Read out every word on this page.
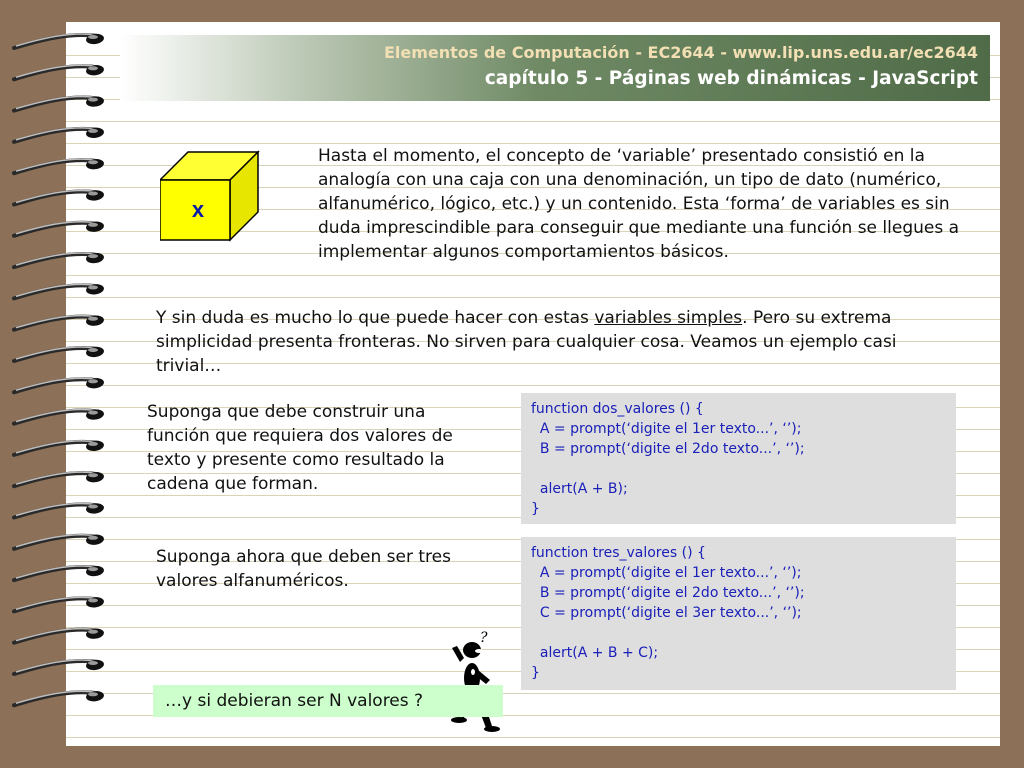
Elementos de Computación - EC2644 - www.lip.uns.edu.ar/ec2644
capítulo 5 - Páginas web dinámicas - JavaScript
x
Hasta el momento, el concepto de ‘variable’ presentado consistió en la analogía con una caja con una denominación, un tipo de dato (numérico, alfanumérico, lógico, etc.) y un contenido. Esta ‘forma’ de variables es sin duda imprescindible para conseguir que mediante una función se llegues a implementar algunos comportamientos básicos.
Y sin duda es mucho lo que puede hacer con estas variables simples. Pero su extrema simplicidad presenta fronteras. No sirven para cualquier cosa. Veamos un ejemplo casi trivial…
Suponga que debe construir una función que requiera dos valores de texto y presente como resultado la cadena que forman.
function dos_valores () {
A = prompt(‘digite el 1er texto...’, ‘’);
B = prompt(‘digite el 2do texto...’, ‘’);
alert(A + B);
}
Suponga ahora que deben ser tres valores alfanuméricos.
function tres_valores () {
A = prompt(‘digite el 1er texto...’, ‘’);
B = prompt(‘digite el 2do texto...’, ‘’);
C = prompt(‘digite el 3er texto...’, ‘’);
alert(A + B + C);
}
?
…y si debieran ser N valores ?
